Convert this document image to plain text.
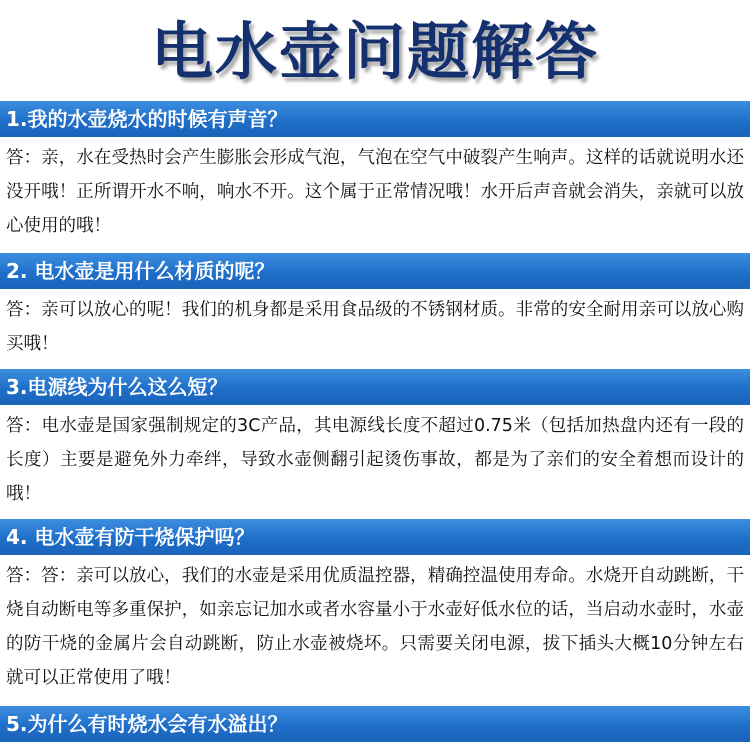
电水壶问题解答
1.我的水壶烧水的时候有声音？

答：亲，水在受热时会产生膨胀会形成气泡，气泡在空气中破裂产生响声。这样的话就说明水还没开哦！正所谓开水不响，响水不开。这个属于正常情况哦！水开后声音就会消失，亲就可以放心使用的哦！

2. 电水壶是用什么材质的呢？

答：亲可以放心的呢！我们的机身都是采用食品级的不锈钢材质。非常的安全耐用亲可以放心购买哦！

3.电源线为什么这么短？

答：电水壶是国家强制规定的3C产品，其电源线长度不超过0.75米（包括加热盘内还有一段的长度）主要是避免外力牵绊，导致水壶侧翻引起烫伤事故，都是为了亲们的安全着想而设计的哦！

4. 电水壶有防干烧保护吗？

答：答：亲可以放心，我们的水壶是采用优质温控器，精确控温使用寿命。水烧开自动跳断，干烧自动断电等多重保护，如亲忘记加水或者水容量小于水壶好低水位的话，当启动水壶时，水壶的防干烧的金属片会自动跳断，防止水壶被烧坏。只需要关闭电源，拔下插头大概10分钟左右就可以正常使用了哦！

5.为什么有时烧水会有水溢出？
